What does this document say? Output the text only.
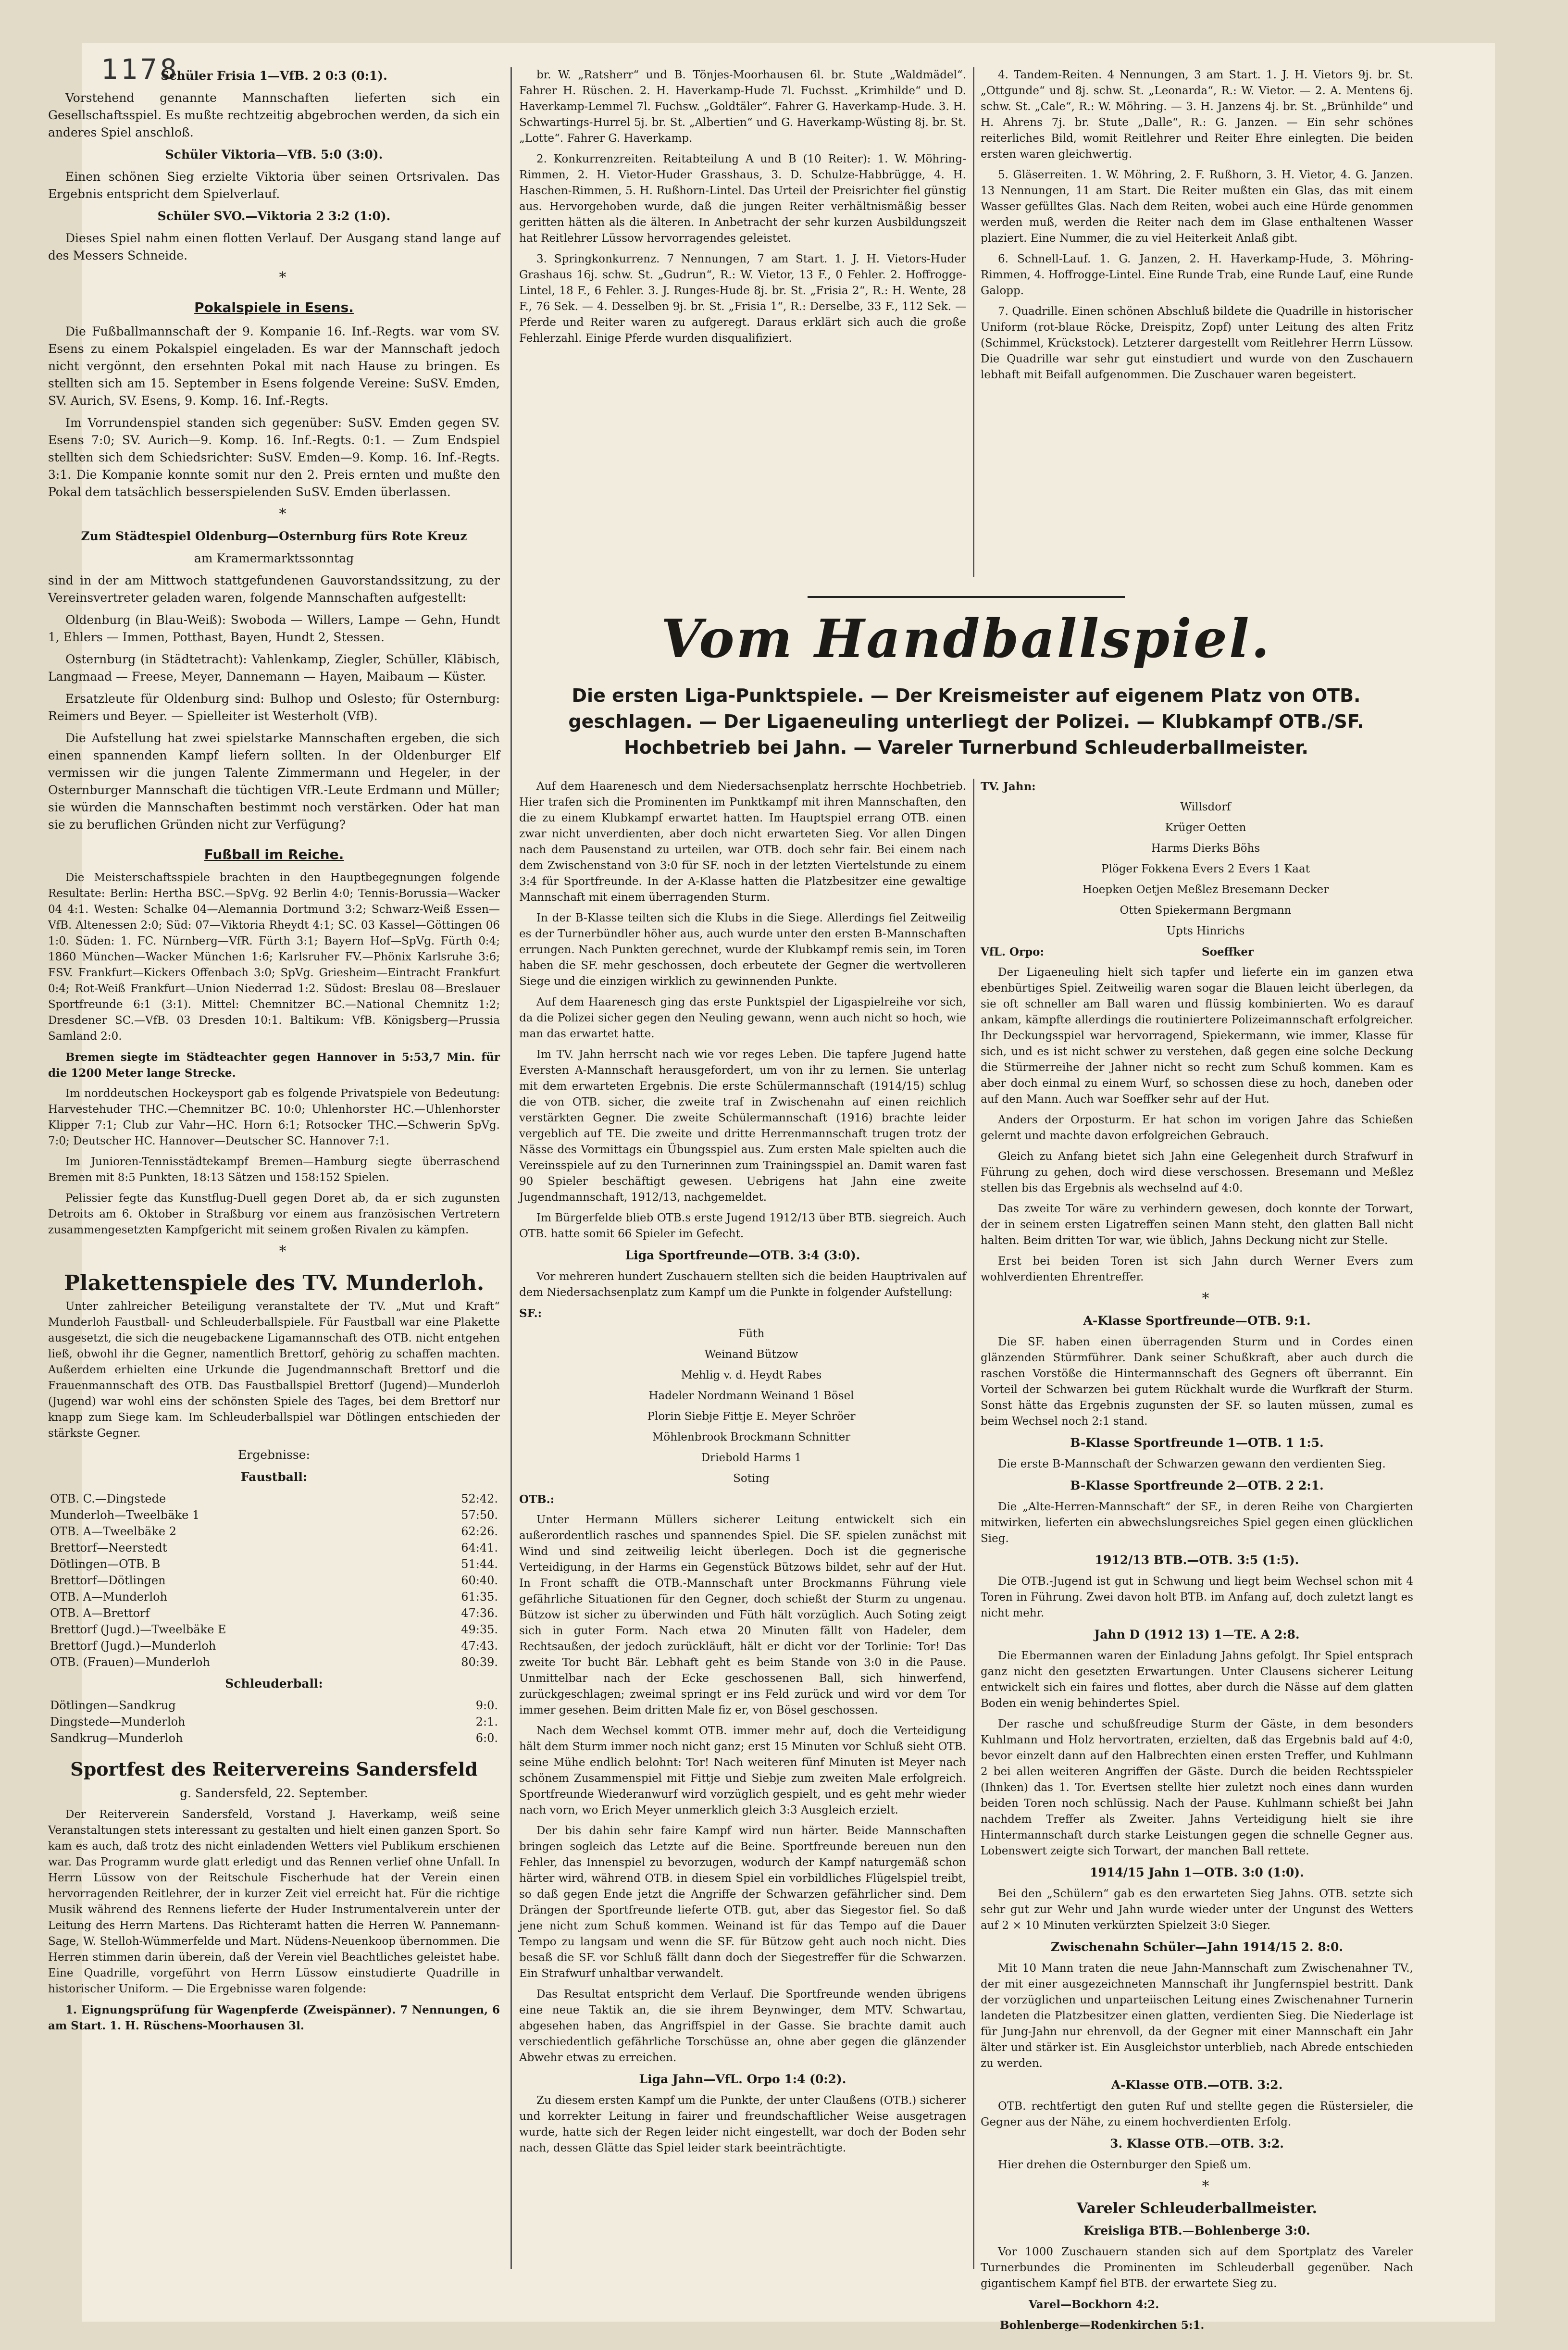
1178

Schüler Frisia 1—VfB. 2 0:3 (0:1).

Vorstehend genannte Mannschaften lieferten sich ein Gesellschaftsspiel. Es mußte rechtzeitig abgebrochen werden, da sich ein anderes Spiel anschloß.

Schüler Viktoria—VfB. 5:0 (3:0).

Einen schönen Sieg erzielte Viktoria über seinen Ortsrivalen. Das Ergebnis entspricht dem Spielverlauf.

Schüler SVO.—Viktoria 2 3:2 (1:0).

Dieses Spiel nahm einen flotten Verlauf. Der Ausgang stand lange auf des Messers Schneide.

*

Pokalspiele in Esens.

Die Fußballmannschaft der 9. Kompanie 16. Inf.-Regts. war vom SV. Esens zu einem Pokalspiel eingeladen. Es war der Mannschaft jedoch nicht vergönnt, den ersehnten Pokal mit nach Hause zu bringen. Es stellten sich am 15. September in Esens folgende Vereine: SuSV. Emden, SV. Aurich, SV. Esens, 9. Komp. 16. Inf.-Regts.

Im Vorrundenspiel standen sich gegenüber: SuSV. Emden gegen SV. Esens 7:0; SV. Aurich—9. Komp. 16. Inf.-Regts. 0:1. — Zum Endspiel stellten sich dem Schiedsrichter: SuSV. Emden—9. Komp. 16. Inf.-Regts. 3:1. Die Kompanie konnte somit nur den 2. Preis ernten und mußte den Pokal dem tatsächlich besserspielenden SuSV. Emden überlassen.

*

Zum Städtespiel Oldenburg—Osternburg fürs Rote Kreuz

am Kramermarktssonntag

sind in der am Mittwoch stattgefundenen Gauvorstandssitzung, zu der Vereinsvertreter geladen waren, folgende Mannschaften aufgestellt:

Oldenburg (in Blau-Weiß): Swoboda — Willers, Lampe — Gehn, Hundt 1, Ehlers — Immen, Potthast, Bayen, Hundt 2, Stessen.

Osternburg (in Städtetracht): Vahlenkamp, Ziegler, Schüller, Kläbisch, Langmaad — Freese, Meyer, Dannemann — Hayen, Maibaum — Küster.

Ersatzleute für Oldenburg sind: Bulhop und Oslesto; für Osternburg: Reimers und Beyer. — Spielleiter ist Westerholt (VfB).

Die Aufstellung hat zwei spielstarke Mannschaften ergeben, die sich einen spannenden Kampf liefern sollten. In der Oldenburger Elf vermissen wir die jungen Talente Zimmermann und Hegeler, in der Osternburger Mannschaft die tüchtigen VfR.-Leute Erdmann und Müller; sie würden die Mannschaften bestimmt noch verstärken. Oder hat man sie zu beruflichen Gründen nicht zur Verfügung?

Fußball im Reiche.

Die Meisterschaftsspiele brachten in den Hauptbegegnungen folgende Resultate: Berlin: Hertha BSC.—SpVg. 92 Berlin 4:0; Tennis-Borussia—Wacker 04 4:1. Westen: Schalke 04—Alemannia Dortmund 3:2; Schwarz-Weiß Essen—VfB. Altenessen 2:0; Süd: 07—Viktoria Rheydt 4:1; SC. 03 Kassel—Göttingen 06 1:0. Süden: 1. FC. Nürnberg—VfR. Fürth 3:1; Bayern Hof—SpVg. Fürth 0:4; 1860 München—Wacker München 1:6; Karlsruher FV.—Phönix Karlsruhe 3:6; FSV. Frankfurt—Kickers Offenbach 3:0; SpVg. Griesheim—Eintracht Frankfurt 0:4; Rot-Weiß Frankfurt—Union Niederrad 1:2. Südost: Breslau 08—Breslauer Sportfreunde 6:1 (3:1). Mittel: Chemnitzer BC.—National Chemnitz 1:2; Dresdener SC.—VfB. 03 Dresden 10:1. Baltikum: VfB. Königsberg—Prussia Samland 2:0.

Bremen siegte im Städteachter gegen Hannover in 5:53,7 Min. für die 1200 Meter lange Strecke.

Im norddeutschen Hockeysport gab es folgende Privatspiele von Bedeutung: Harvestehuder THC.—Chemnitzer BC. 10:0; Uhlenhorster HC.—Uhlenhorster Klipper 7:1; Club zur Vahr—HC. Horn 6:1; Rotsocker THC.—Schwerin SpVg. 7:0; Deutscher HC. Hannover—Deutscher SC. Hannover 7:1.

Im Junioren-Tennisstädtekampf Bremen—Hamburg siegte überraschend Bremen mit 8:5 Punkten, 18:13 Sätzen und 158:152 Spielen.

Pelissier fegte das Kunstflug-Duell gegen Doret ab, da er sich zugunsten Detroits am 6. Oktober in Straßburg vor einem aus französischen Vertretern zusammengesetzten Kampfgericht mit seinem großen Rivalen zu kämpfen.

*

Plakettenspiele des TV. Munderloh.

Unter zahlreicher Beteiligung veranstaltete der TV. „Mut und Kraft“ Munderloh Faustball- und Schleuderballspiele. Für Faustball war eine Plakette ausgesetzt, die sich die neugebackene Ligamannschaft des OTB. nicht entgehen ließ, obwohl ihr die Gegner, namentlich Brettorf, gehörig zu schaffen machten. Außerdem erhielten eine Urkunde die Jugendmannschaft Brettorf und die Frauenmannschaft des OTB. Das Faustballspiel Brettorf (Jugend)—Munderloh (Jugend) war wohl eins der schönsten Spiele des Tages, bei dem Brettorf nur knapp zum Siege kam. Im Schleuderballspiel war Dötlingen entschieden der stärkste Gegner.

Ergebnisse:

Faustball:

OTB. C.—Dingstede	52:42.
Munderloh—Tweelbäke 1	57:50.
OTB. A—Tweelbäke 2	62:26.
Brettorf—Neerstedt	64:41.
Dötlingen—OTB. B	51:44.
Brettorf—Dötlingen	60:40.
OTB. A—Munderloh	61:35.
OTB. A—Brettorf	47:36.
Brettorf (Jugd.)—Tweelbäke E	49:35.
Brettorf (Jugd.)—Munderloh	47:43.
OTB. (Frauen)—Munderloh	80:39.

Schleuderball:

Dötlingen—Sandkrug	9:0.
Dingstede—Munderloh	2:1.
Sandkrug—Munderloh	6:0.
Sportfest des Reitervereins Sandersfeld

g. Sandersfeld, 22. September.

Der Reiterverein Sandersfeld, Vorstand J. Haverkamp, weiß seine Veranstaltungen stets interessant zu gestalten und hielt einen ganzen Sport. So kam es auch, daß trotz des nicht einladenden Wetters viel Publikum erschienen war. Das Programm wurde glatt erledigt und das Rennen verlief ohne Unfall. In Herrn Lüssow von der Reitschule Fischerhude hat der Verein einen hervorragenden Reitlehrer, der in kurzer Zeit viel erreicht hat. Für die richtige Musik während des Rennens lieferte der Huder Instrumentalverein unter der Leitung des Herrn Martens. Das Richteramt hatten die Herren W. Pannemann-Sage, W. Stelloh-Wümmerfelde und Mart. Nüdens-Neuenkoop übernommen. Die Herren stimmen darin überein, daß der Verein viel Beachtliches geleistet habe. Eine Quadrille, vorgeführt von Herrn Lüssow einstudierte Quadrille in historischer Uniform. — Die Ergebnisse waren folgende:

1. Eignungsprüfung für Wagenpferde (Zweispänner). 7 Nennungen, 6 am Start. 1. H. Rüschens-Moorhausen 3l.

br. W. „Ratsherr“ und B. Tönjes-Moorhausen 6l. br. Stute „Waldmädel“. Fahrer H. Rüschen. 2. H. Haverkamp-Hude 7l. Fuchsst. „Krimhilde“ und D. Haverkamp-Lemmel 7l. Fuchsw. „Goldtäler“. Fahrer G. Haverkamp-Hude. 3. H. Schwartings-Hurrel 5j. br. St. „Albertien“ und G. Haverkamp-Wüsting 8j. br. St. „Lotte“. Fahrer G. Haverkamp.

2. Konkurrenzreiten. Reitabteilung A und B (10 Reiter): 1. W. Möhring-Rimmen, 2. H. Vietor-Huder Grasshaus, 3. D. Schulze-Habbrügge, 4. H. Haschen-Rimmen, 5. H. Rußhorn-Lintel. Das Urteil der Preisrichter fiel günstig aus. Hervorgehoben wurde, daß die jungen Reiter verhältnismäßig besser geritten hätten als die älteren. In Anbetracht der sehr kurzen Ausbildungszeit hat Reitlehrer Lüssow hervorragendes geleistet.

3. Springkonkurrenz. 7 Nennungen, 7 am Start. 1. J. H. Vietors-Huder Grashaus 16j. schw. St. „Gudrun“, R.: W. Vietor, 13 F., 0 Fehler. 2. Hoffrogge-Lintel, 18 F., 6 Fehler. 3. J. Runges-Hude 8j. br. St. „Frisia 2“, R.: H. Wente, 28 F., 76 Sek. — 4. Desselben 9j. br. St. „Frisia 1“, R.: Derselbe, 33 F., 112 Sek. — Pferde und Reiter waren zu aufgeregt. Daraus erklärt sich auch die große Fehlerzahl. Einige Pferde wurden disqualifiziert.

4. Tandem-Reiten. 4 Nennungen, 3 am Start. 1. J. H. Vietors 9j. br. St. „Ottgunde“ und 8j. schw. St. „Leonarda“, R.: W. Vietor. — 2. A. Mentens 6j. schw. St. „Cale“, R.: W. Möhring. — 3. H. Janzens 4j. br. St. „Brünhilde“ und H. Ahrens 7j. br. Stute „Dalle“, R.: G. Janzen. — Ein sehr schönes reiterliches Bild, womit Reitlehrer und Reiter Ehre einlegten. Die beiden ersten waren gleichwertig.

5. Gläserreiten. 1. W. Möhring, 2. F. Rußhorn, 3. H. Vietor, 4. G. Janzen. 13 Nennungen, 11 am Start. Die Reiter mußten ein Glas, das mit einem Wasser gefülltes Glas. Nach dem Reiten, wobei auch eine Hürde genommen werden muß, werden die Reiter nach dem im Glase enthaltenen Wasser plaziert. Eine Nummer, die zu viel Heiterkeit Anlaß gibt.

6. Schnell-Lauf. 1. G. Janzen, 2. H. Haverkamp-Hude, 3. Möhring-Rimmen, 4. Hoffrogge-Lintel. Eine Runde Trab, eine Runde Lauf, eine Runde Galopp.

7. Quadrille. Einen schönen Abschluß bildete die Quadrille in historischer Uniform (rot-blaue Röcke, Dreispitz, Zopf) unter Leitung des alten Fritz (Schimmel, Krückstock). Letzterer dargestellt vom Reitlehrer Herrn Lüssow. Die Quadrille war sehr gut einstudiert und wurde von den Zuschauern lebhaft mit Beifall aufgenommen. Die Zuschauer waren begeistert.

Vom Handballspiel.
Die ersten Liga-Punktspiele. — Der Kreismeister auf eigenem Platz von OTB. geschlagen. — Der Ligaeneuling unterliegt der Polizei. — Klubkampf OTB./SF. Hochbetrieb bei Jahn. — Vareler Turnerbund Schleuderballmeister.

Auf dem Haarenesch und dem Niedersachsenplatz herrschte Hochbetrieb. Hier trafen sich die Prominenten im Punktkampf mit ihren Mannschaften, den die zu einem Klubkampf erwartet hatten. Im Hauptspiel errang OTB. einen zwar nicht unverdienten, aber doch nicht erwarteten Sieg. Vor allen Dingen nach dem Pausenstand zu urteilen, war OTB. doch sehr fair. Bei einem nach dem Zwischenstand von 3:0 für SF. noch in der letzten Viertelstunde zu einem 3:4 für Sportfreunde. In der A-Klasse hatten die Platzbesitzer eine gewaltige Mannschaft mit einem überragenden Sturm.

In der B-Klasse teilten sich die Klubs in die Siege. Allerdings fiel Zeitweilig es der Turnerbündler höher aus, auch wurde unter den ersten B-Mannschaften errungen. Nach Punkten gerechnet, wurde der Klubkampf remis sein, im Toren haben die SF. mehr geschossen, doch erbeutete der Gegner die wertvolleren Siege und die einzigen wirklich zu gewinnenden Punkte.

Auf dem Haarenesch ging das erste Punktspiel der Ligaspielreihe vor sich, da die Polizei sicher gegen den Neuling gewann, wenn auch nicht so hoch, wie man das erwartet hatte.

Im TV. Jahn herrscht nach wie vor reges Leben. Die tapfere Jugend hatte Eversten A-Mannschaft herausgefordert, um von ihr zu lernen. Sie unterlag mit dem erwarteten Ergebnis. Die erste Schülermannschaft (1914/15) schlug die von OTB. sicher, die zweite traf in Zwischenahn auf einen reichlich verstärkten Gegner. Die zweite Schülermannschaft (1916) brachte leider vergeblich auf TE. Die zweite und dritte Herrenmannschaft trugen trotz der Nässe des Vormittags ein Übungsspiel aus. Zum ersten Male spielten auch die Vereinsspiele auf zu den Turnerinnen zum Trainingsspiel an. Damit waren fast 90 Spieler beschäftigt gewesen. Uebrigens hat Jahn eine zweite Jugendmannschaft, 1912/13, nachgemeldet.

Im Bürgerfelde blieb OTB.s erste Jugend 1912/13 über BTB. siegreich. Auch OTB. hatte somit 66 Spieler im Gefecht.

Liga Sportfreunde—OTB. 3:4 (3:0).

Vor mehreren hundert Zuschauern stellten sich die beiden Hauptrivalen auf dem Niedersachsenplatz zum Kampf um die Punkte in folgender Aufstellung:

SF.:

Füth

Weinand Bützow

Mehlig v. d. Heydt Rabes

Hadeler Nordmann Weinand 1 Bösel

Plorin Siebje Fittje E. Meyer Schröer

Möhlenbrook Brockmann Schnitter

Driebold Harms 1

Soting

OTB.:

Unter Hermann Müllers sicherer Leitung entwickelt sich ein außerordentlich rasches und spannendes Spiel. Die SF. spielen zunächst mit Wind und sind zeitweilig leicht überlegen. Doch ist die gegnerische Verteidigung, in der Harms ein Gegenstück Bützows bildet, sehr auf der Hut. In Front schafft die OTB.-Mannschaft unter Brockmanns Führung viele gefährliche Situationen für den Gegner, doch schießt der Sturm zu ungenau. Bützow ist sicher zu überwinden und Füth hält vorzüglich. Auch Soting zeigt sich in guter Form. Nach etwa 20 Minuten fällt von Hadeler, dem Rechtsaußen, der jedoch zurückläuft, hält er dicht vor der Torlinie: Tor! Das zweite Tor bucht Bär. Lebhaft geht es beim Stande von 3:0 in die Pause. Unmittelbar nach der Ecke geschossenen Ball, sich hinwerfend, zurückgeschlagen; zweimal springt er ins Feld zurück und wird vor dem Tor immer gesehen. Beim dritten Male fiz er, von Bösel geschossen.

Nach dem Wechsel kommt OTB. immer mehr auf, doch die Verteidigung hält dem Sturm immer noch nicht ganz; erst 15 Minuten vor Schluß sieht OTB. seine Mühe endlich belohnt: Tor! Nach weiteren fünf Minuten ist Meyer nach schönem Zusammenspiel mit Fittje und Siebje zum zweiten Male erfolgreich. Sportfreunde Wiederanwurf wird vorzüglich gespielt, und es geht mehr wieder nach vorn, wo Erich Meyer unmerklich gleich 3:3 Ausgleich erzielt.

Der bis dahin sehr faire Kampf wird nun härter. Beide Mannschaften bringen sogleich das Letzte auf die Beine. Sportfreunde bereuen nun den Fehler, das Innenspiel zu bevorzugen, wodurch der Kampf naturgemäß schon härter wird, während OTB. in diesem Spiel ein vorbildliches Flügelspiel treibt, so daß gegen Ende jetzt die Angriffe der Schwarzen gefährlicher sind. Dem Drängen der Sportfreunde lieferte OTB. gut, aber das Siegestor fiel. So daß jene nicht zum Schuß kommen. Weinand ist für das Tempo auf die Dauer Tempo zu langsam und wenn die SF. für Bützow geht auch noch nicht. Dies besaß die SF. vor Schluß fällt dann doch der Siegestreffer für die Schwarzen. Ein Strafwurf unhaltbar verwandelt.

Das Resultat entspricht dem Verlauf. Die Sportfreunde wenden übrigens eine neue Taktik an, die sie ihrem Beynwinger, dem MTV. Schwartau, abgesehen haben, das Angriffspiel in der Gasse. Sie brachte damit auch verschiedentlich gefährliche Torschüsse an, ohne aber gegen die glänzender Abwehr etwas zu erreichen.

Liga Jahn—VfL. Orpo 1:4 (0:2).

Zu diesem ersten Kampf um die Punkte, der unter Claußens (OTB.) sicherer und korrekter Leitung in fairer und freundschaftlicher Weise ausgetragen wurde, hatte sich der Regen leider nicht eingestellt, war doch der Boden sehr nach, dessen Glätte das Spiel leider stark beeinträchtigte.

TV. Jahn:

Willsdorf

Krüger Oetten

Harms Dierks Böhs

Plöger Fokkena Evers 2 Evers 1 Kaat

Hoepken Oetjen Meßlez Bresemann Decker

Otten Spiekermann Bergmann

Upts Hinrichs

VfL. Orpo:	Soeffker

Der Ligaeneuling hielt sich tapfer und lieferte ein im ganzen etwa ebenbürtiges Spiel. Zeitweilig waren sogar die Blauen leicht überlegen, da sie oft schneller am Ball waren und flüssig kombinierten. Wo es darauf ankam, kämpfte allerdings die routiniertere Polizeimannschaft erfolgreicher. Ihr Deckungsspiel war hervorragend, Spiekermann, wie immer, Klasse für sich, und es ist nicht schwer zu verstehen, daß gegen eine solche Deckung die Stürmerreihe der Jahner nicht so recht zum Schuß kommen. Kam es aber doch einmal zu einem Wurf, so schossen diese zu hoch, daneben oder auf den Mann. Auch war Soeffker sehr auf der Hut.

Anders der Orposturm. Er hat schon im vorigen Jahre das Schießen gelernt und machte davon erfolgreichen Gebrauch.

Gleich zu Anfang bietet sich Jahn eine Gelegenheit durch Strafwurf in Führung zu gehen, doch wird diese verschossen. Bresemann und Meßlez stellen bis das Ergebnis als wechselnd auf 4:0.

Das zweite Tor wäre zu verhindern gewesen, doch konnte der Torwart, der in seinem ersten Ligatreffen seinen Mann steht, den glatten Ball nicht halten. Beim dritten Tor war, wie üblich, Jahns Deckung nicht zur Stelle.

Erst bei beiden Toren ist sich Jahn durch Werner Evers zum wohlverdienten Ehrentreffer.

*

A-Klasse Sportfreunde—OTB. 9:1.

Die SF. haben einen überragenden Sturm und in Cordes einen glänzenden Stürmführer. Dank seiner Schußkraft, aber auch durch die raschen Vorstöße die Hintermannschaft des Gegners oft überrannt. Ein Vorteil der Schwarzen bei gutem Rückhalt wurde die Wurfkraft der Sturm. Sonst hätte das Ergebnis zugunsten der SF. so lauten müssen, zumal es beim Wechsel noch 2:1 stand.

B-Klasse Sportfreunde 1—OTB. 1 1:5.

Die erste B-Mannschaft der Schwarzen gewann den verdienten Sieg.

B-Klasse Sportfreunde 2—OTB. 2 2:1.

Die „Alte-Herren-Mannschaft“ der SF., in deren Reihe von Chargierten mitwirken, lieferten ein abwechslungsreiches Spiel gegen einen glücklichen Sieg.

1912/13 BTB.—OTB. 3:5 (1:5).

Die OTB.-Jugend ist gut in Schwung und liegt beim Wechsel schon mit 4 Toren in Führung. Zwei davon holt BTB. im Anfang auf, doch zuletzt langt es nicht mehr.

Jahn D (1912 13) 1—TE. A 2:8.

Die Ebermannen waren der Einladung Jahns gefolgt. Ihr Spiel entsprach ganz nicht den gesetzten Erwartungen. Unter Clausens sicherer Leitung entwickelt sich ein faires und flottes, aber durch die Nässe auf dem glatten Boden ein wenig behindertes Spiel.

Der rasche und schußfreudige Sturm der Gäste, in dem besonders Kuhlmann und Holz hervortraten, erzielten, daß das Ergebnis bald auf 4:0, bevor einzelt dann auf den Halbrechten einen ersten Treffer, und Kuhlmann 2 bei allen weiteren Angriffen der Gäste. Durch die beiden Rechtsspieler (Ihnken) das 1. Tor. Evertsen stellte hier zuletzt noch eines dann wurden beiden Toren noch schlüssig. Nach der Pause. Kuhlmann schießt bei Jahn nachdem Treffer als Zweiter. Jahns Verteidigung hielt sie ihre Hintermannschaft durch starke Leistungen gegen die schnelle Gegner aus. Lobenswert zeigte sich Torwart, der manchen Ball rettete.

1914/15 Jahn 1—OTB. 3:0 (1:0).

Bei den „Schülern“ gab es den erwarteten Sieg Jahns. OTB. setzte sich sehr gut zur Wehr und Jahn wurde wieder unter der Ungunst des Wetters auf 2 × 10 Minuten verkürzten Spielzeit 3:0 Sieger.

Zwischenahn Schüler—Jahn 1914/15 2. 8:0.

Mit 10 Mann traten die neue Jahn-Mannschaft zum Zwischenahner TV., der mit einer ausgezeichneten Mannschaft ihr Jungfernspiel bestritt. Dank der vorzüglichen und unparteiischen Leitung eines Zwischenahner Turnerin landeten die Platzbesitzer einen glatten, verdienten Sieg. Die Niederlage ist für Jung-Jahn nur ehrenvoll, da der Gegner mit einer Mannschaft ein Jahr älter und stärker ist. Ein Ausgleichstor unterblieb, nach Abrede entschieden zu werden.

A-Klasse OTB.—OTB. 3:2.

OTB. rechtfertigt den guten Ruf und stellte gegen die Rüstersieler, die Gegner aus der Nähe, zu einem hochverdienten Erfolg.

3. Klasse OTB.—OTB. 3:2.

Hier drehen die Osternburger den Spieß um.

*

Vareler Schleuderballmeister.

Kreisliga BTB.—Bohlenberge 3:0.

Vor 1000 Zuschauern standen sich auf dem Sportplatz des Vareler Turnerbundes die Prominenten im Schleuderball gegenüber. Nach gigantischem Kampf fiel BTB. der erwartete Sieg zu.

Varel—Bockhorn 4:2.

Bohlenberge—Rodenkirchen 5:1.
